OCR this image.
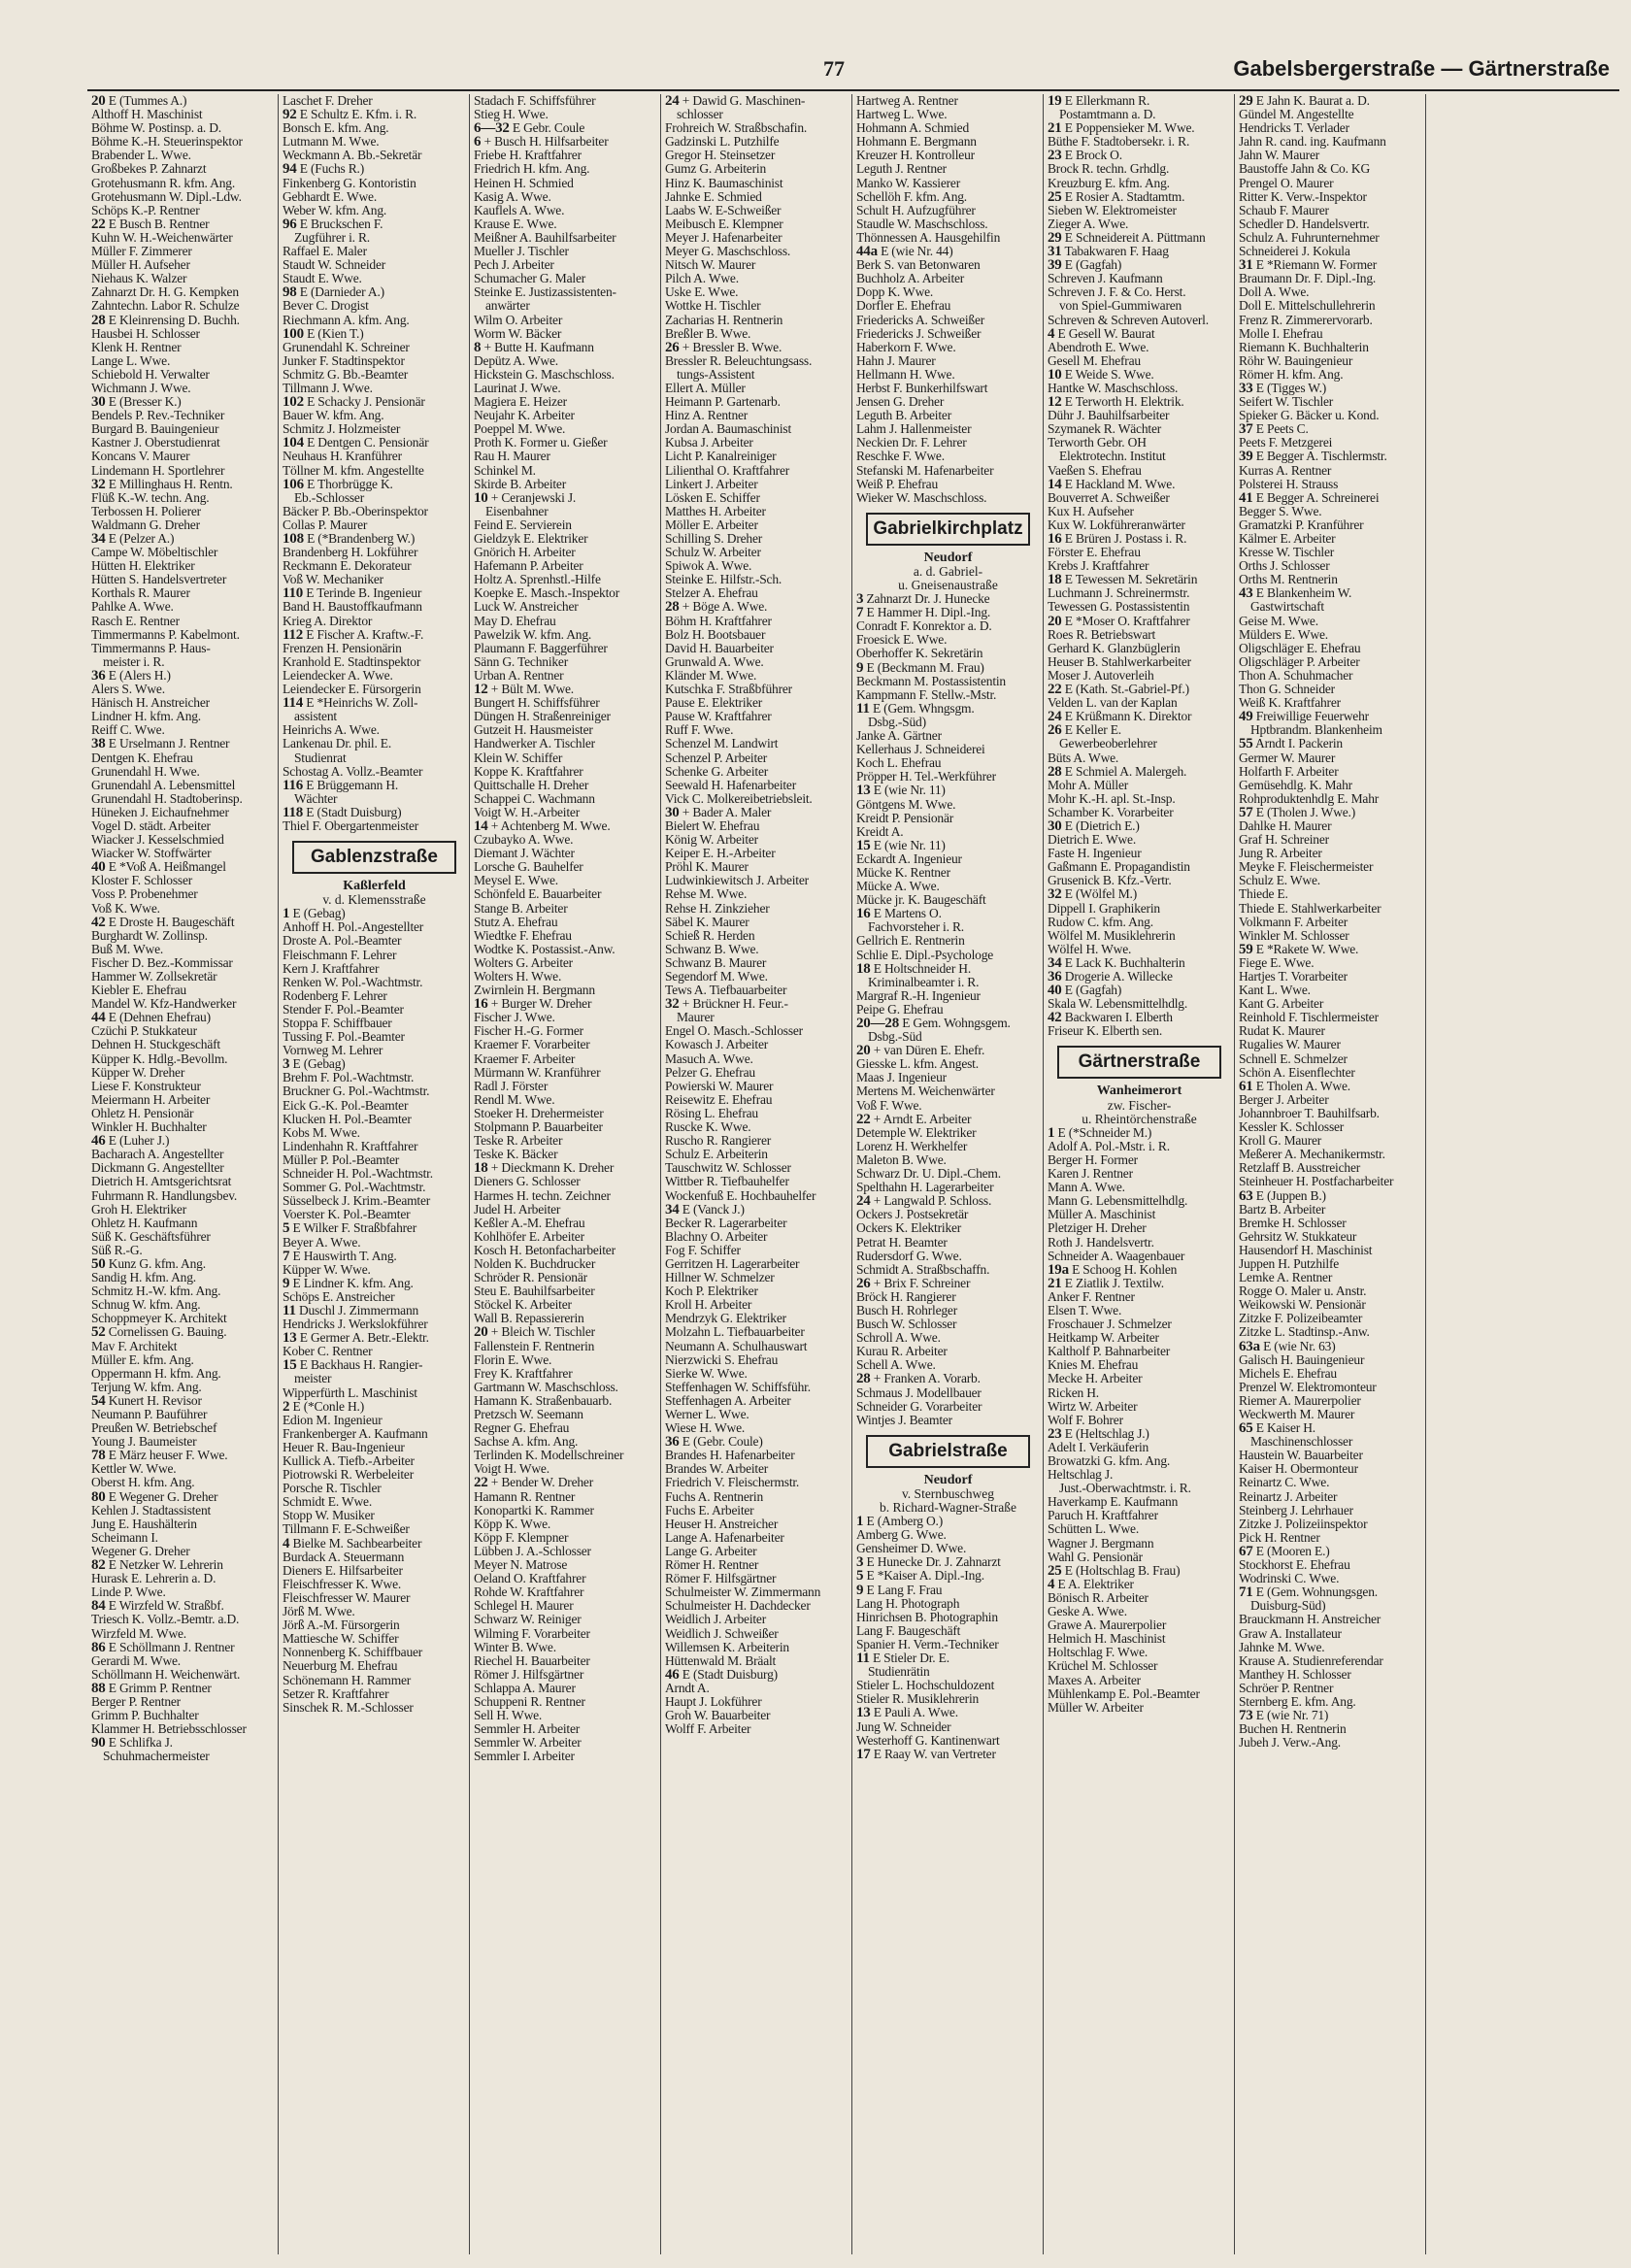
77	Gabelsbergerstraße — Gärtnerstraße
20 E (Tummes A.)
Althoff H. Maschinist
Böhme W. Postinsp. a. D.
Böhme K.-H. Steuerinspektor
Brabender L. Wwe.
Großbekes P. Zahnarzt
Grotehusmann R. kfm. Ang.
Grotehusmann W. Dipl.-Ldw.
Schöps K.-P. Rentner
22 E Busch B. Rentner
Kuhn W. H.-Weichenwärter
Müller F. Zimmerer
Müller H. Aufseher
Niehaus K. Walzer
Zahnarzt Dr. H. G. Kempken
Zahntechn. Labor R. Schulze
28 E Kleinrensing D. Buchh.
Hausbei H. Schlosser
Klenk H. Rentner
Lange L. Wwe.
Schiebold H. Verwalter
Wichmann J. Wwe.
30 E (Bresser K.)
Bendels P. Rev.-Techniker
Burgard B. Bauingenieur
Kastner J. Oberstudienrat
Koncans V. Maurer
Lindemann H. Sportlehrer
32 E Millinghaus H. Rentn.
Flüß K.-W. techn. Ang.
Terbossen H. Polierer
Waldmann G. Dreher
34 E (Pelzer A.)
Campe W. Möbeltischler
Hütten H. Elektriker
Hütten S. Handelsvertreter
Korthals R. Maurer
Pahlke A. Wwe.
Rasch E. Rentner
Timmermanns P. Kabelmont.
Timmermanns P. Haus-
meister i. R.
36 E (Alers H.)
Alers S. Wwe.
Hänisch H. Anstreicher
Lindner H. kfm. Ang.
Reiff C. Wwe.
38 E Urselmann J. Rentner
Dentgen K. Ehefrau
Grunendahl H. Wwe.
Grunendahl A. Lebensmittel
Grunendahl H. Stadtoberinsp.
Hüneken J. Eichaufnehmer
Vogel D. städt. Arbeiter
Wiacker J. Kesselschmied
Wiacker W. Stoffwärter
40 E *Voß A. Heißmangel
Kloster F. Schlosser
Voss P. Probenehmer
Voß K. Wwe.
42 E Droste H. Baugeschäft
Burghardt W. Zollinsp.
Buß M. Wwe.
Fischer D. Bez.-Kommissar
Hammer W. Zollsekretär
Kiebler E. Ehefrau
Mandel W. Kfz-Handwerker
44 E (Dehnen Ehefrau)
Czüchi P. Stukkateur
Dehnen H. Stuckgeschäft
Küpper K. Hdlg.-Bevollm.
Küpper W. Dreher
Liese F. Konstrukteur
Meiermann H. Arbeiter
Ohletz H. Pensionär
Winkler H. Buchhalter
46 E (Luher J.)
Bacharach A. Angestellter
Dickmann G. Angestellter
Dietrich H. Amtsgerichtsrat
Fuhrmann R. Handlungsbev.
Groh H. Elektriker
Ohletz H. Kaufmann
Süß K. Geschäftsführer
Süß R.-G.
50 Kunz G. kfm. Ang.
Sandig H. kfm. Ang.
Schmitz H.-W. kfm. Ang.
Schnug W. kfm. Ang.
Schoppmeyer K. Architekt
52 Cornelissen G. Bauing.
Mav F. Architekt
Müller E. kfm. Ang.
Oppermann H. kfm. Ang.
Terjung W. kfm. Ang.
54 Kunert H. Revisor
Neumann P. Bauführer
Preußen W. Betriebschef
Young J. Baumeister
78 E März heuser F. Wwe.
Kettler W. Wwe.
Oberst H. kfm. Ang.
80 E Wegener G. Dreher
Kehlen J. Stadtassistent
Jung E. Haushälterin
Scheimann I.
Wegener G. Dreher
82 E Netzker W. Lehrerin
Hurask E. Lehrerin a. D.
Linde P. Wwe.
84 E Wirzfeld W. Straßbf.
Triesch K. Vollz.-Bemtr. a.D.
Wirzfeld M. Wwe.
86 E Schöllmann J. Rentner
Gerardi M. Wwe.
Schöllmann H. Weichenwärt.
88 E Grimm P. Rentner
Berger P. Rentner
Grimm P. Buchhalter
Klammer H. Betriebsschlosser
90 E Schlifka J.
Schuhmachermeister
Laschet F. Dreher
92 E Schultz E. Kfm. i. R.
Bonsch E. kfm. Ang.
Lutmann M. Wwe.
Weckmann A. Bb.-Sekretär
94 E (Fuchs R.)
Finkenberg G. Kontoristin
Gebhardt E. Wwe.
Weber W. kfm. Ang.
96 E Bruckschen F.
Zugführer i. R.
Raffael E. Maler
Staudt W. Schneider
Staudt E. Wwe.
98 E (Darnieder A.)
Bever C. Drogist
Riechmann A. kfm. Ang.
100 E (Kien T.)
Grunendahl K. Schreiner
Junker F. Stadtinspektor
Schmitz G. Bb.-Beamter
Tillmann J. Wwe.
102 E Schacky J. Pensionär
Bauer W. kfm. Ang.
Schmitz J. Holzmeister
104 E Dentgen C. Pensionär
Neuhaus H. Kranführer
Töllner M. kfm. Angestellte
106 E Thorbrügge K.
Eb.-Schlosser
Bäcker P. Bb.-Oberinspektor
Collas P. Maurer
108 E (*Brandenberg W.)
Brandenberg H. Lokführer
Reckmann E. Dekorateur
Voß W. Mechaniker
110 E Terinde B. Ingenieur
Band H. Baustoffkaufmann
Krieg A. Direktor
112 E Fischer A. Kraftw.-F.
Frenzen H. Pensionärin
Kranhold E. Stadtinspektor
Leiendecker A. Wwe.
Leiendecker E. Fürsorgerin
114 E *Heinrichs W. Zoll-
assistent
Heinrichs A. Wwe.
Lankenau Dr. phil. E.
Studienrat
Schostag A. Vollz.-Beamter
116 E Brüggemann H.
Wächter
118 E (Stadt Duisburg)
Thiel F. Obergartenmeister
Gablenzstraße
Kaßlerfeld
v. d. Klemensstraße
1 E (Gebag)
Anhoff H. Pol.-Angestellter
Droste A. Pol.-Beamter
Fleischmann F. Lehrer
Kern J. Kraftfahrer
Renken W. Pol.-Wachtmstr.
Rodenberg F. Lehrer
Stender F. Pol.-Beamter
Stoppa F. Schiffbauer
Tussing F. Pol.-Beamter
Vornweg M. Lehrer
3 E (Gebag)
Brehm F. Pol.-Wachtmstr.
Bruckner G. Pol.-Wachtmstr.
Eick G.-K. Pol.-Beamter
Klucken H. Pol.-Beamter
Kobs M. Wwe.
Lindenhahn R. Kraftfahrer
Müller P. Pol.-Beamter
Schneider H. Pol.-Wachtmstr.
Sommer G. Pol.-Wachtmstr.
Süsselbeck J. Krim.-Beamter
Voerster K. Pol.-Beamter
5 E Wilker F. Straßbfahrer
Beyer A. Wwe.
7 E Hauswirth T. Ang.
Küpper W. Wwe.
9 E Lindner K. kfm. Ang.
Schöps E. Anstreicher
11 Duschl J. Zimmermann
Hendricks J. Werkslokführer
13 E Germer A. Betr.-Elektr.
Kober C. Rentner
15 E Backhaus H. Rangier-
meister
Wipperfürth L. Maschinist
2 E (*Conle H.)
Edion M. Ingenieur
Frankenberger A. Kaufmann
Heuer R. Bau-Ingenieur
Kullick A. Tiefb.-Arbeiter
Piotrowski R. Werbeleiter
Porsche R. Tischler
Schmidt E. Wwe.
Stopp W. Musiker
Tillmann F. E-Schweißer
4 Bielke M. Sachbearbeiter
Burdack A. Steuermann
Dieners E. Hilfsarbeiter
Fleischfresser K. Wwe.
Fleischfresser W. Maurer
Jörß M. Wwe.
Jörß A.-M. Fürsorgerin
Mattiesche W. Schiffer
Nonnenberg K. Schiffbauer
Neuerburg M. Ehefrau
Schönemann H. Rammer
Setzer R. Kraftfahrer
Sinschek R. M.-Schlosser
Stadach F. Schiffsführer
Stieg H. Wwe.
6—32 E Gebr. Coule
6 + Busch H. Hilfsarbeiter
Friebe H. Kraftfahrer
Friedrich H. kfm. Ang.
Heinen H. Schmied
Kasig A. Wwe.
Kauflels A. Wwe.
Krause E. Wwe.
Meißner A. Bauhilfsarbeiter
Mueller J. Tischler
Pech J. Arbeiter
Schumacher G. Maler
Steinke E. Justizassistenten-
anwärter
Wilm O. Arbeiter
Worm W. Bäcker
8 + Butte H. Kaufmann
Depütz A. Wwe.
Hickstein G. Maschschloss.
Laurinat J. Wwe.
Magiera E. Heizer
Neujahr K. Arbeiter
Poeppel M. Wwe.
Proth K. Former u. Gießer
Rau H. Maurer
Schinkel M.
Skirde B. Arbeiter
10 + Ceranjewski J.
Eisenbahner
Feind E. Servierein
Gieldzyk E. Elektriker
Gnörich H. Arbeiter
Hafemann P. Arbeiter
Holtz A. Sprenhstl.-Hilfe
Koepke E. Masch.-Inspektor
Luck W. Anstreicher
May D. Ehefrau
Pawelzik W. kfm. Ang.
Plaumann F. Baggerführer
Sänn G. Techniker
Urban A. Rentner
12 + Bült M. Wwe.
Bungert H. Schiffsführer
Düngen H. Straßenreiniger
Gutzeit H. Hausmeister
Handwerker A. Tischler
Klein W. Schiffer
Koppe K. Kraftfahrer
Quittschalle H. Dreher
Schappei C. Wachmann
Voigt W. H.-Arbeiter
14 + Achtenberg M. Wwe.
Czubayko A. Wwe.
Diemant J. Wächter
Lorsche G. Bauhelfer
Meysel E. Wwe.
Schönfeld E. Bauarbeiter
Stange B. Arbeiter
Stutz A. Ehefrau
Wiedtke F. Ehefrau
Wodtke K. Postassist.-Anw.
Wolters G. Arbeiter
Wolters H. Wwe.
Zwirnlein H. Bergmann
16 + Burger W. Dreher
Fischer J. Wwe.
Fischer H.-G. Former
Kraemer F. Vorarbeiter
Kraemer F. Arbeiter
Mürmann W. Kranführer
Radl J. Förster
Rendl M. Wwe.
Stoeker H. Drehermeister
Stolpmann P. Bauarbeiter
Teske R. Arbeiter
Teske K. Bäcker
18 + Dieckmann K. Dreher
Dieners G. Schlosser
Harmes H. techn. Zeichner
Judel H. Arbeiter
Keßler A.-M. Ehefrau
Kohlhöfer E. Arbeiter
Kosch H. Betonfacharbeiter
Nolden K. Buchdrucker
Schröder R. Pensionär
Steu E. Bauhilfsarbeiter
Stöckel K. Arbeiter
Wall B. Repassiererin
20 + Bleich W. Tischler
Fallenstein F. Rentnerin
Florin E. Wwe.
Frey K. Kraftfahrer
Gartmann W. Maschschloss.
Hamann K. Straßenbauarb.
Pretzsch W. Seemann
Regner G. Ehefrau
Sachse A. kfm. Ang.
Terlinden K. Modellschreiner
Voigt H. Wwe.
22 + Bender W. Dreher
Hamann R. Rentner
Konopartki K. Rammer
Köpp K. Wwe.
Köpp F. Klempner
Lübben J. A.-Schlosser
Meyer N. Matrose
Oeland O. Kraftfahrer
Rohde W. Kraftfahrer
Schlegel H. Maurer
Schwarz W. Reiniger
Wilming F. Vorarbeiter
Winter B. Wwe.
Riechel H. Bauarbeiter
Römer J. Hilfsgärtner
Schlappa A. Maurer
Schuppeni R. Rentner
Sell H. Wwe.
Semmler H. Arbeiter
Semmler W. Arbeiter
Semmler I. Arbeiter
24 + Dawid G. Maschinen-
schlosser
Frohreich W. Straßbschafin.
Gadzinski L. Putzhilfe
Gregor H. Steinsetzer
Gumz G. Arbeiterin
Hinz K. Baumaschinist
Jahnke E. Schmied
Laabs W. E-Schweißer
Meibusch E. Klempner
Meyer J. Hafenarbeiter
Meyer G. Maschschloss.
Nitsch W. Maurer
Pilch A. Wwe.
Uske E. Wwe.
Wottke H. Tischler
Zacharias H. Rentnerin
Breßler B. Wwe.
26 + Bressler B. Wwe.
Bressler R. Beleuchtungsass.
tungs-Assistent
Ellert A. Müller
Heimann P. Gartenarb.
Hinz A. Rentner
Jordan A. Baumaschinist
Kubsa J. Arbeiter
Licht P. Kanalreiniger
Lilienthal O. Kraftfahrer
Linkert J. Arbeiter
Lösken E. Schiffer
Matthes H. Arbeiter
Möller E. Arbeiter
Schilling S. Dreher
Schulz W. Arbeiter
Spiwok A. Wwe.
Steinke E. Hilfstr.-Sch.
Stelzer A. Ehefrau
28 + Böge A. Wwe.
Böhm H. Kraftfahrer
Bolz H. Bootsbauer
David H. Bauarbeiter
Grunwald A. Wwe.
Kländer M. Wwe.
Kutschka F. Straßbführer
Pause E. Elektriker
Pause W. Kraftfahrer
Ruff F. Wwe.
Schenzel M. Landwirt
Schenzel P. Arbeiter
Schenke G. Arbeiter
Seewald H. Hafenarbeiter
Vick C. Molkereibetriebsleit.
30 + Bader A. Maler
Bielert W. Ehefrau
König W. Arbeiter
Keiper E. H.-Arbeiter
Pröhl K. Maurer
Ludwinkiewitsch J. Arbeiter
Rehse M. Wwe.
Rehse H. Zinkzieher
Säbel K. Maurer
Schieß R. Herden
Schwanz B. Wwe.
Schwanz B. Maurer
Segendorf M. Wwe.
Tews A. Tiefbauarbeiter
32 + Brückner H. Feur.-
Maurer
Engel O. Masch.-Schlosser
Kowasch J. Arbeiter
Masuch A. Wwe.
Pelzer G. Ehefrau
Powierski W. Maurer
Reisewitz E. Ehefrau
Rösing L. Ehefrau
Ruscke K. Wwe.
Ruscho R. Rangierer
Schulz E. Arbeiterin
Tauschwitz W. Schlosser
Wittber R. Tiefbauhelfer
Wockenfuß E. Hochbauhelfer
34 E (Vanck J.)
Becker R. Lagerarbeiter
Blachny O. Arbeiter
Fog F. Schiffer
Gerritzen H. Lagerarbeiter
Hillner W. Schmelzer
Koch P. Elektriker
Kroll H. Arbeiter
Mendrzyk G. Elektriker
Molzahn L. Tiefbauarbeiter
Neumann A. Schulhauswart
Nierzwicki S. Ehefrau
Sierke W. Wwe.
Steffenhagen W. Schiffsführ.
Steffenhagen A. Arbeiter
Werner L. Wwe.
Wiese H. Wwe.
36 E (Gebr. Coule)
Brandes H. Hafenarbeiter
Brandes W. Arbeiter
Friedrich V. Fleischermstr.
Fuchs A. Rentnerin
Fuchs E. Arbeiter
Heuser H. Anstreicher
Lange A. Hafenarbeiter
Lange G. Arbeiter
Römer H. Rentner
Römer F. Hilfsgärtner
Schulmeister W. Zimmermann
Schulmeister H. Dachdecker
Weidlich J. Arbeiter
Weidlich J. Schweißer
Willemsen K. Arbeiterin
Hüttenwald M. Bräalt
46 E (Stadt Duisburg)
Arndt A.
Haupt J. Lokführer
Groh W. Bauarbeiter
Wolff F. Arbeiter
Hartweg A. Rentner
Hartweg L. Wwe.
Hohmann A. Schmied
Hohmann E. Bergmann
Kreuzer H. Kontrolleur
Leguth J. Rentner
Manko W. Kassierer
Schellöh F. kfm. Ang.
Schult H. Aufzugführer
Staudle W. Maschschloss.
Thönnessen A. Hausgehilfin
44a E (wie Nr. 44)
Berk S. van Betonwaren
Buchholz A. Arbeiter
Dopp K. Wwe.
Dorfler E. Ehefrau
Friedericks A. Schweißer
Friedericks J. Schweißer
Haberkorn F. Wwe.
Hahn J. Maurer
Hellmann H. Wwe.
Herbst F. Bunkerhilfswart
Jensen G. Dreher
Leguth B. Arbeiter
Lahm J. Hallenmeister
Neckien Dr. F. Lehrer
Reschke F. Wwe.
Stefanski M. Hafenarbeiter
Weiß P. Ehefrau
Wieker W. Maschschloss.
Gabrielkirchplatz
Neudorf
a. d. Gabriel-
u. Gneisenaustraße
3 Zahnarzt Dr. J. Hunecke
7 E Hammer H. Dipl.-Ing.
Conradt F. Konrektor a. D.
Froesick E. Wwe.
Oberhoffer K. Sekretärin
9 E (Beckmann M. Frau)
Beckmann M. Postassistentin
Kampmann F. Stellw.-Mstr.
11 E (Gem. Whngsgm.
Dsbg.-Süd)
Janke A. Gärtner
Kellerhaus J. Schneiderei
Koch L. Ehefrau
Pröpper H. Tel.-Werkführer
13 E (wie Nr. 11)
Göntgens M. Wwe.
Kreidt P. Pensionär
Kreidt A.
15 E (wie Nr. 11)
Eckardt A. Ingenieur
Mücke K. Rentner
Mücke A. Wwe.
Mücke jr. K. Baugeschäft
16 E Martens O.
Fachvorsteher i. R.
Gellrich E. Rentnerin
Schlie E. Dipl.-Psychologe
18 E Holtschneider H.
Kriminalbeamter i. R.
Margraf R.-H. Ingenieur
Peipe G. Ehefrau
20—28 E Gem. Wohngsgem.
Dsbg.-Süd
20 + van Düren E. Ehefr.
Giesske L. kfm. Angest.
Maas J. Ingenieur
Mertens M. Weichenwärter
Voß F. Wwe.
22 + Arndt E. Arbeiter
Detemple W. Elektriker
Lorenz H. Werkhelfer
Maleton B. Wwe.
Schwarz Dr. U. Dipl.-Chem.
Spelthahn H. Lagerarbeiter
24 + Langwald P. Schloss.
Ockers J. Postsekretär
Ockers K. Elektriker
Petrat H. Beamter
Rudersdorf G. Wwe.
Schmidt A. Straßbschaffn.
26 + Brix F. Schreiner
Bröck H. Rangierer
Busch H. Rohrleger
Busch W. Schlosser
Schroll A. Wwe.
Kurau R. Arbeiter
Schell A. Wwe.
28 + Franken A. Vorarb.
Schmaus J. Modellbauer
Schneider G. Vorarbeiter
Wintjes J. Beamter
Gabrielstraße
Neudorf
v. Sternbuschweg
b. Richard-Wagner-Straße
1 E (Amberg O.)
Amberg G. Wwe.
Gensheimer D. Wwe.
3 E Hunecke Dr. J. Zahnarzt
5 E *Kaiser A. Dipl.-Ing.
9 E Lang F. Frau
Lang H. Photograph
Hinrichsen B. Photographin
Lang F. Baugeschäft
Spanier H. Verm.-Techniker
11 E Stieler Dr. E.
Studienrätin
Stieler L. Hochschuldozent
Stieler R. Musiklehrerin
13 E Pauli A. Wwe.
Jung W. Schneider
Westerhoff G. Kantinenwart
17 E Raay W. van Vertreter
19 E Ellerkmann R.
Postamtmann a. D.
21 E Poppensieker M. Wwe.
Büthe F. Stadtobersekr. i. R.
23 E Brock O.
Brock R. techn. Grhdlg.
Kreuzburg E. kfm. Ang.
25 E Rosier A. Stadtamtm.
Sieben W. Elektromeister
Zieger A. Wwe.
29 E Schneidereit A. Püttmann
31 Tabakwaren F. Haag
39 E (Gagfah)
Schreven J. Kaufmann
Schreven J. F. & Co. Herst.
von Spiel-Gummiwaren
Schreven & Schreven Autoverl.
4 E Gesell W. Baurat
Abendroth E. Wwe.
Gesell M. Ehefrau
10 E Weide S. Wwe.
Hantke W. Maschschloss.
12 E Terworth H. Elektrik.
Dühr J. Bauhilfsarbeiter
Szymanek R. Wächter
Terworth Gebr. OH
Elektrotechn. Institut
Vaeßen S. Ehefrau
14 E Hackland M. Wwe.
Bouverret A. Schweißer
Kux H. Aufseher
Kux W. Lokführeranwärter
16 E Brüren J. Postass i. R.
Förster E. Ehefrau
Krebs J. Kraftfahrer
18 E Tewessen M. Sekretärin
Luchmann J. Schreinermstr.
Tewessen G. Postassistentin
20 E *Moser O. Kraftfahrer
Roes R. Betriebswart
Gerhard K. Glanzbüglerin
Heuser B. Stahlwerkarbeiter
Moser J. Autoverleih
22 E (Kath. St.-Gabriel-Pf.)
Velden L. van der Kaplan
24 E Krüßmann K. Direktor
26 E Keller E.
Gewerbeoberlehrer
Büts A. Wwe.
28 E Schmiel A. Malergeh.
Mohr A. Müller
Mohr K.-H. apl. St.-Insp.
Schamber K. Vorarbeiter
30 E (Dietrich E.)
Dietrich E. Wwe.
Faste H. Ingenieur
Gaßmann E. Propagandistin
Grusenick B. Kfz.-Vertr.
32 E (Wölfel M.)
Dippell I. Graphikerin
Rudow C. kfm. Ang.
Wölfel M. Musiklehrerin
Wölfel H. Wwe.
34 E Lack K. Buchhalterin
36 Drogerie A. Willecke
40 E (Gagfah)
Skala W. Lebensmittelhdlg.
42 Backwaren I. Elberth
Friseur K. Elberth sen.
Gärtnerstraße
Wanheimerort
zw. Fischer-
u. Rheintörchenstraße
1 E (*Schneider M.)
Adolf A. Pol.-Mstr. i. R.
Berger H. Former
Karen J. Rentner
Mann A. Wwe.
Mann G. Lebensmittelhdlg.
Müller A. Maschinist
Pletziger H. Dreher
Roth J. Handelsvertr.
Schneider A. Waagenbauer
19a E Schoog H. Kohlen
21 E Ziatlik J. Textilw.
Anker F. Rentner
Elsen T. Wwe.
Froschauer J. Schmelzer
Heitkamp W. Arbeiter
Kaltholf P. Bahnarbeiter
Knies M. Ehefrau
Mecke H. Arbeiter
Ricken H.
Wirtz W. Arbeiter
Wolf F. Bohrer
23 E (Heltschlag J.)
Adelt I. Verkäuferin
Browatzki G. kfm. Ang.
Heltschlag J.
Just.-Oberwachtmstr. i. R.
Haverkamp E. Kaufmann
Paruch H. Kraftfahrer
Schütten L. Wwe.
Wagner J. Bergmann
Wahl G. Pensionär
25 E (Holtschlag B. Frau)
4 E A. Elektriker
Bönisch R. Arbeiter
Geske A. Wwe.
Grawe A. Maurerpolier
Helmich H. Maschinist
Holtschlag F. Wwe.
Krüchel M. Schlosser
Maxes A. Arbeiter
Mühlenkamp E. Pol.-Beamter
Müller W. Arbeiter
29 E Jahn K. Baurat a. D.
Gündel M. Angestellte
Hendricks T. Verlader
Jahn R. cand. ing. Kaufmann
Jahn W. Maurer
Baustoffe Jahn & Co. KG
Prengel O. Maurer
Ritter K. Verw.-Inspektor
Schaub F. Maurer
Schedler D. Handelsvertr.
Schulz A. Fuhrunternehmer
Schneiderei J. Kokula
31 E *Riemann W. Former
Braumann Dr. F. Dipl.-Ing.
Doll A. Wwe.
Doll E. Mittelschullehrerin
Frenz R. Zimmerervorarb.
Molle I. Ehefrau
Riemann K. Buchhalterin
Röhr W. Bauingenieur
Römer H. kfm. Ang.
33 E (Tigges W.)
Seifert W. Tischler
Spieker G. Bäcker u. Kond.
37 E Peets C.
Peets F. Metzgerei
39 E Begger A. Tischlermstr.
Kurras A. Rentner
Polsterei H. Strauss
41 E Begger A. Schreinerei
Begger S. Wwe.
Gramatzki P. Kranführer
Kälmer E. Arbeiter
Kresse W. Tischler
Orths J. Schlosser
Orths M. Rentnerin
43 E Blankenheim W.
Gastwirtschaft
Geise M. Wwe.
Mülders E. Wwe.
Oligschläger E. Ehefrau
Oligschläger P. Arbeiter
Thon A. Schuhmacher
Thon G. Schneider
Weiß K. Kraftfahrer
49 Freiwillige Feuerwehr
Hptbrandm. Blankenheim
55 Arndt I. Packerin
Germer W. Maurer
Holfarth F. Arbeiter
Gemüsehdlg. K. Mahr
Rohproduktenhdlg E. Mahr
57 E (Tholen J. Wwe.)
Dahlke H. Maurer
Graf H. Schreiner
Jung R. Arbeiter
Meyke F. Fleischermeister
Schulz E. Wwe.
Thiede E.
Thiede E. Stahlwerkarbeiter
Volkmann F. Arbeiter
Winkler M. Schlosser
59 E *Rakete W. Wwe.
Fiege E. Wwe.
Hartjes T. Vorarbeiter
Kant L. Wwe.
Kant G. Arbeiter
Reinhold F. Tischlermeister
Rudat K. Maurer
Rugalies W. Maurer
Schnell E. Schmelzer
Schön A. Eisenflechter
61 E Tholen A. Wwe.
Berger J. Arbeiter
Johannbroer T. Bauhilfsarb.
Kessler K. Schlosser
Kroll G. Maurer
Meßerer A. Mechanikermstr.
Retzlaff B. Ausstreicher
Steinheuer H. Postfacharbeiter
63 E (Juppen B.)
Bartz B. Arbeiter
Bremke H. Schlosser
Gehrsitz W. Stukkateur
Hausendorf H. Maschinist
Juppen H. Putzhilfe
Lemke A. Rentner
Rogge O. Maler u. Anstr.
Weikowski W. Pensionär
Zitzke F. Polizeibeamter
Zitzke L. Stadtinsp.-Anw.
63a E (wie Nr. 63)
Galisch H. Bauingenieur
Michels E. Ehefrau
Prenzel W. Elektromonteur
Riemer A. Maurerpolier
Weckwerth M. Maurer
65 E Kaiser H.
Maschinenschlosser
Haustein W. Bauarbeiter
Kaiser H. Obermonteur
Reinartz C. Wwe.
Reinartz J. Arbeiter
Steinberg J. Lehrhauer
Zitzke J. Polizeiinspektor
Pick H. Rentner
67 E (Mooren E.)
Stockhorst E. Ehefrau
Wodrinski C. Wwe.
71 E (Gem. Wohnungsgen.
Duisburg-Süd)
Brauckmann H. Anstreicher
Graw A. Installateur
Jahnke M. Wwe.
Krause A. Studienreferendar
Manthey H. Schlosser
Schröer P. Rentner
Sternberg E. kfm. Ang.
73 E (wie Nr. 71)
Buchen H. Rentnerin
Jubeh J. Verw.-Ang.
